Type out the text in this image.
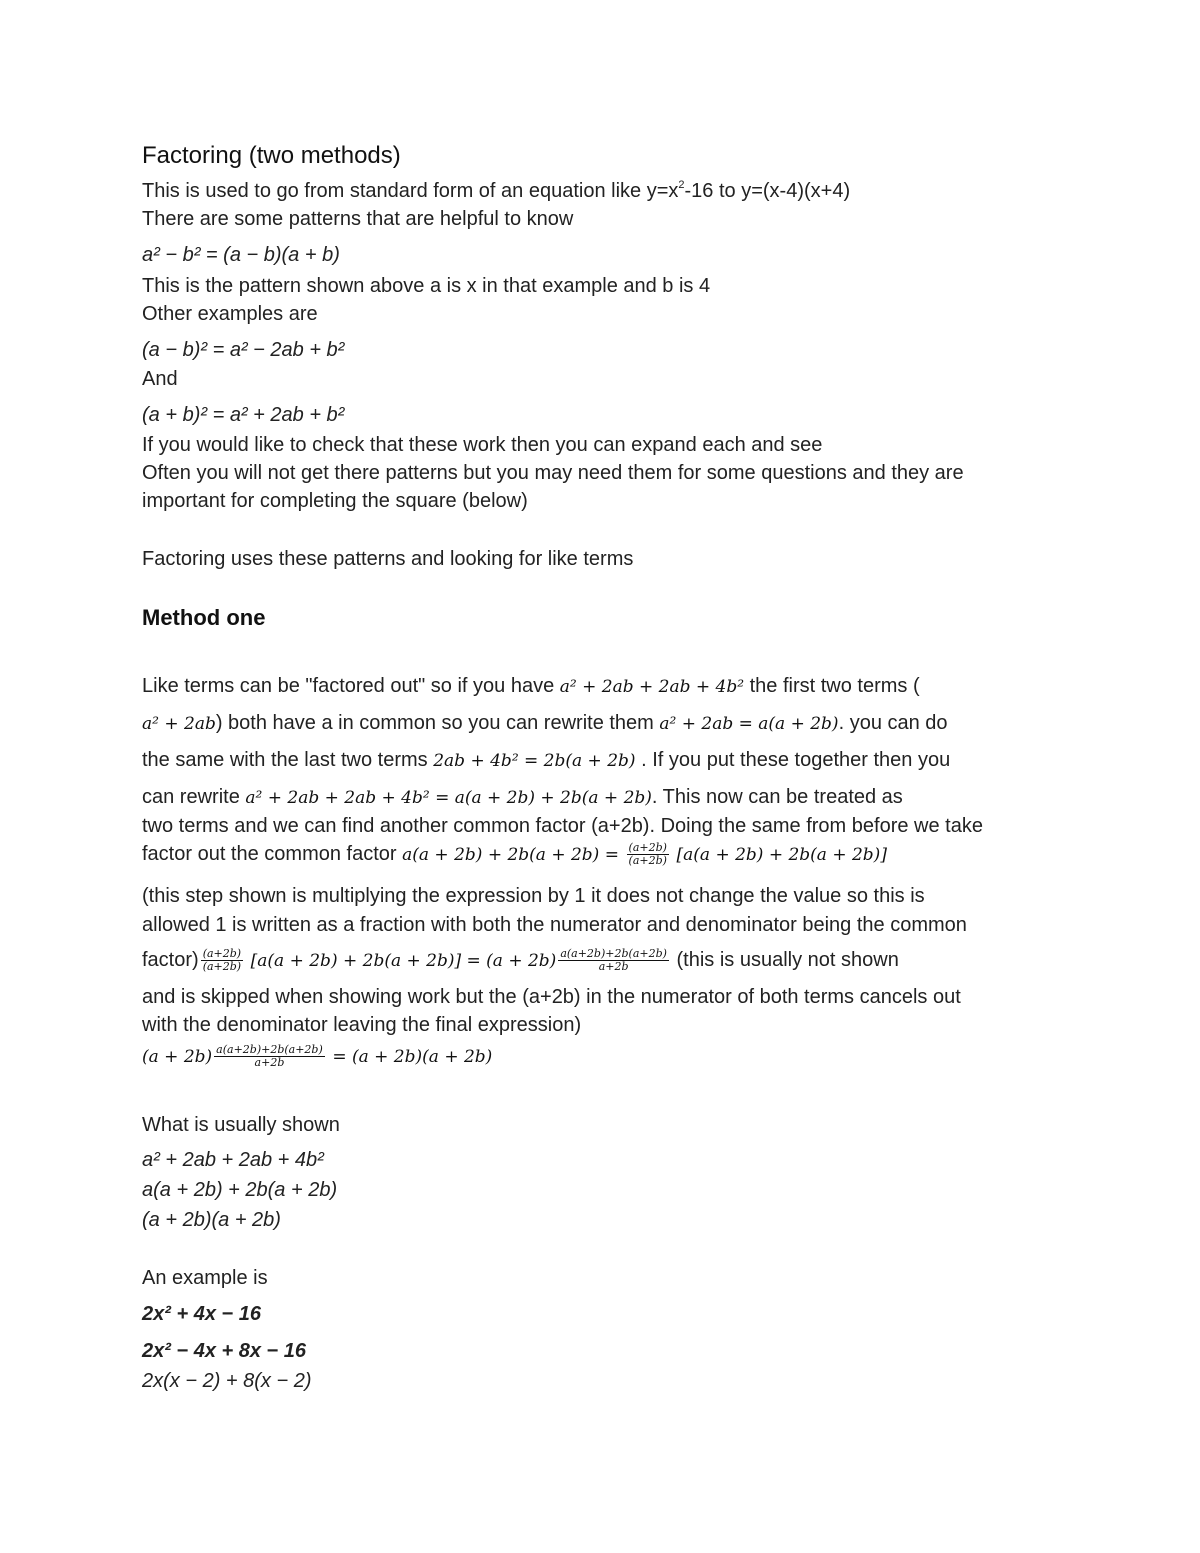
Factoring (two methods)
This is used to go from standard form of an equation like $y=x^2-16$ to y=(x-4)(x+4)
There are some patterns that are helpful to know
a² − b² = (a − b)(a + b)
This is the pattern shown above a is x in that example and b is 4
Other examples are
(a − b)² = a² − 2ab + b²
And
(a + b)² = a² + 2ab + b²
If you would like to check that these work then you can expand each and see
Often you will not get there patterns but you may need them for some questions and they are
important for completing the square (below)
Factoring uses these patterns and looking for like terms
Method one
Like terms can be "factored out" so if you have a² + 2ab + 2ab + 4b² the first two terms (
a² + 2ab) both have a in common so you can rewrite them a² + 2ab = a(a + 2b). you can do
the same with the last two terms 2ab + 4b² = 2b(a + 2b) . If you put these together then you
can rewrite a² + 2ab + 2ab + 4b² = a(a + 2b) + 2b(a + 2b). This now can be treated as
two terms and we can find another common factor (a+2b). Doing the same from before we take
factor out the common factor $a(a + 2b) + 2b(a + 2b) = \frac{(a+2b)}{(a+2b)} [a(a + 2b) + 2b(a + 2b)]$
(this step shown is multiplying the expression by 1 it does not change the value so this is
allowed 1 is written as a fraction with both the numerator and denominator being the common
factor) $\frac{(a+2b)}{(a+2b)} [a(a + 2b) + 2b(a + 2b)] = (a + 2b) \frac{a(a+2b)+2b(a+2b)}{a+2b}$ (this is usually not shown
and is skipped when showing work but the (a+2b) in the numerator of both terms cancels out
with the denominator leaving the final expression)
$(a + 2b) \frac{a(a+2b)+2b(a+2b)}{a+2b} = (a + 2b)(a + 2b)$
What is usually shown
a² + 2ab + 2ab + 4b²
a(a + 2b) + 2b(a + 2b)
(a + 2b)(a + 2b)
An example is
2x² + 4x − 16
2x² − 4x + 8x − 16
2x(x − 2) + 8(x − 2)
